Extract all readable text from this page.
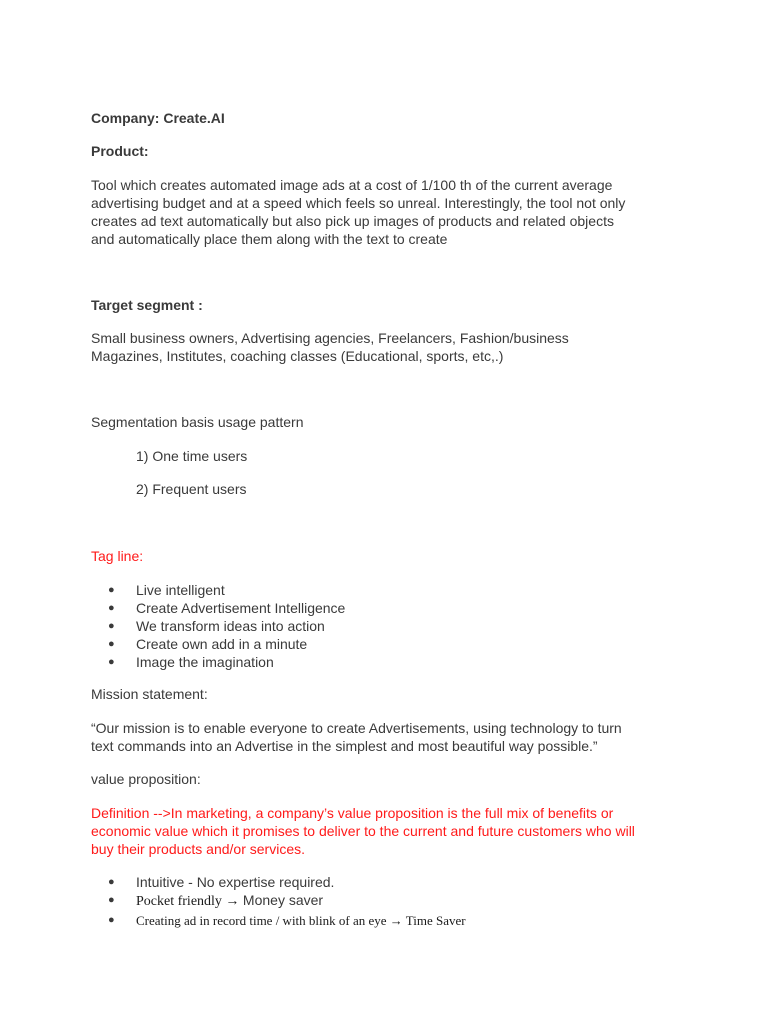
Company: Create.AI
Product:
Tool which creates automated image ads at a cost of 1/100 th of the current average
advertising budget and at a speed which feels so unreal. Interestingly, the tool not only
creates ad text automatically but also pick up images of products and related objects
and automatically place them along with the text to create
Target segment :
Small business owners, Advertising agencies, Freelancers, Fashion/business
Magazines, Institutes, coaching classes (Educational, sports, etc,.)
Segmentation basis usage pattern
1) One time users
2) Frequent users
Tag line:
● Live intelligent
● Create Advertisement Intelligence
● We transform ideas into action
● Create own add in a minute
● Image the imagination
Mission statement:
“Our mission is to enable everyone to create Advertisements, using technology to turn
text commands into an Advertise in the simplest and most beautiful way possible.”
value proposition:
Definition -->In marketing, a company’s value proposition is the full mix of benefits or
economic value which it promises to deliver to the current and future customers who will
buy their products and/or services.
● Intuitive - No expertise required.
● Pocket friendly → Money saver
● Creating ad in record time / with blink of an eye → Time Saver
